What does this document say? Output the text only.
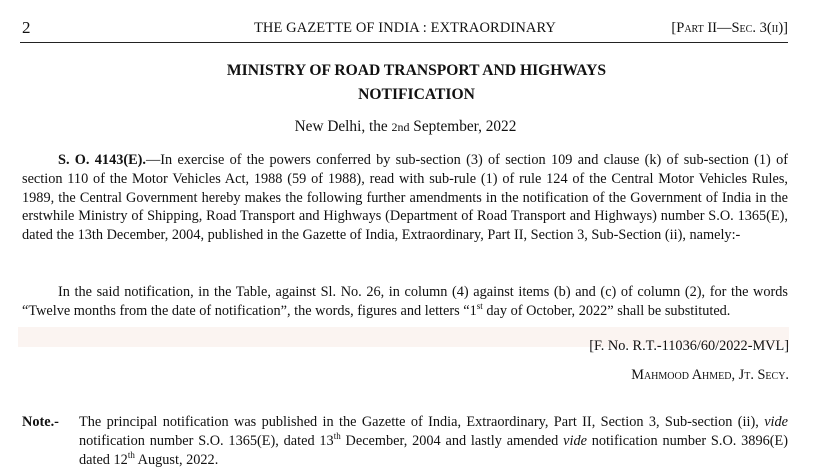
2	THE GAZETTE OF INDIA : EXTRAORDINARY	[Part II—Sec. 3(ii)]
MINISTRY OF ROAD TRANSPORT AND HIGHWAYS
NOTIFICATION
New Delhi, the 2nd September, 2022
S. O. 4143(E).—In exercise of the powers conferred by sub-section (3) of section 109 and clause (k) of sub-section (1) of section 110 of the Motor Vehicles Act, 1988 (59 of 1988), read with sub-rule (1) of rule 124 of the Central Motor Vehicles Rules, 1989, the Central Government hereby makes the following further amendments in the notification of the Government of India in the erstwhile Ministry of Shipping, Road Transport and Highways (Department of Road Transport and Highways) number S.O. 1365(E), dated the 13th December, 2004, published in the Gazette of India, Extraordinary, Part II, Section 3, Sub-Section (ii), namely:-
In the said notification, in the Table, against Sl. No. 26, in column (4) against items (b) and (c) of column (2), for the words “Twelve months from the date of notification”, the words, figures and letters “1st day of October, 2022” shall be substituted.
[F. No. R.T.-11036/60/2022-MVL]
Mahmood Ahmed, Jt. Secy.
Note.- The principal notification was published in the Gazette of India, Extraordinary, Part II, Section 3, Sub-section (ii), vide notification number S.O. 1365(E), dated 13th December, 2004 and lastly amended vide notification number S.O. 3896(E) dated 12th August, 2022.
